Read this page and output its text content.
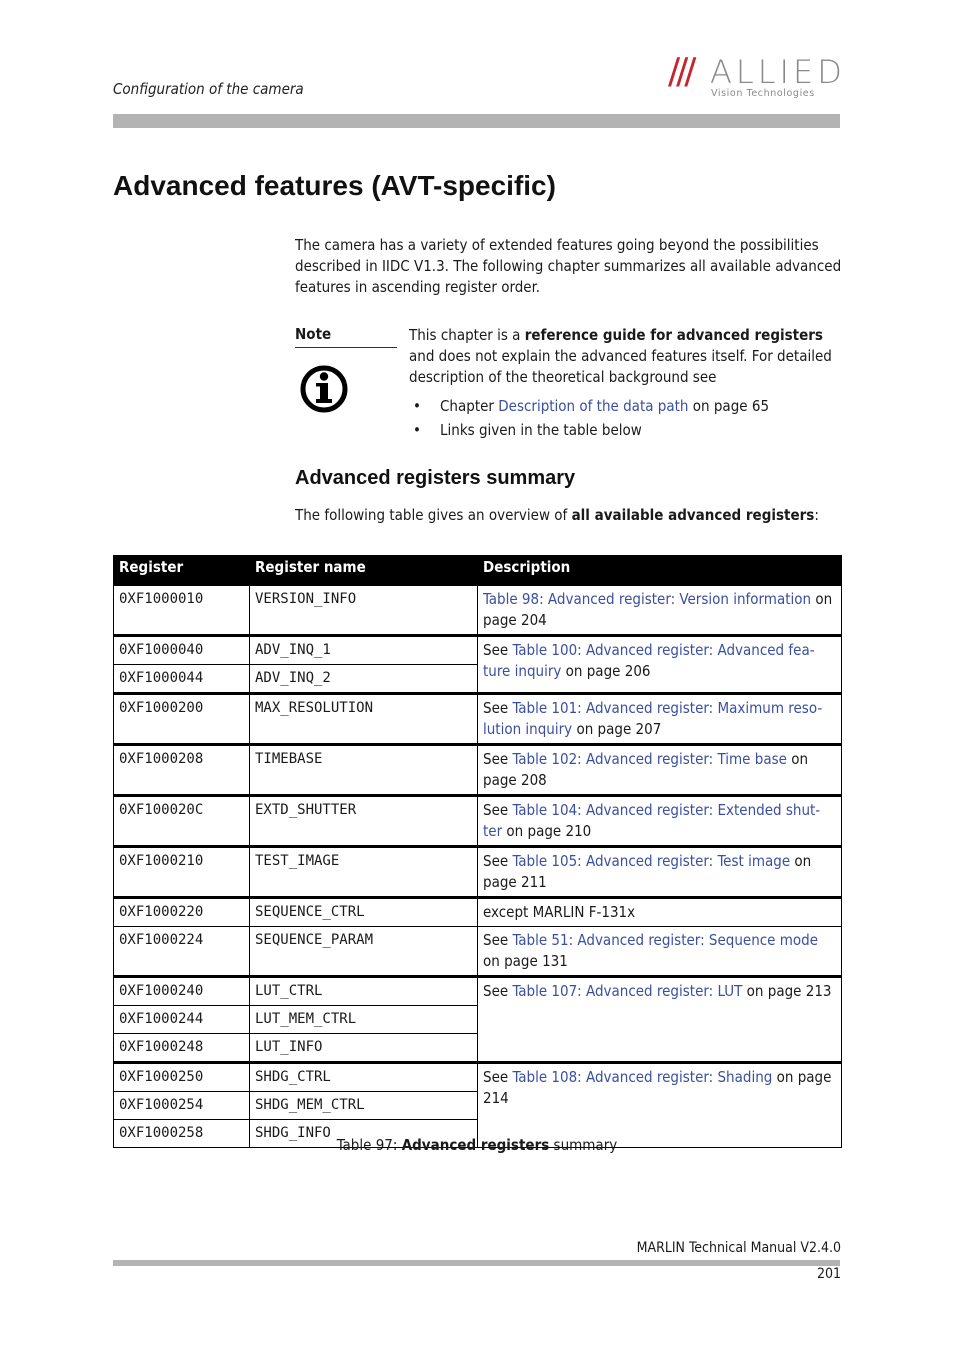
Configuration of the camera	/// ALLIED
Vision Technologies
Advanced features (AVT-specific)

The camera has a variety of extended features going beyond the possibilities described in IIDC V1.3. The following chapter summarizes all available advanced features in ascending register order.

Note	This chapter is a reference guide for advanced registers and does not explain the advanced features itself. For detailed description of the theoretical background see

• Chapter Description of the data path on page 65
• Links given in the table below
Advanced registers summary

The following table gives an overview of all available advanced registers:

Register	Register name	Description
0XF1000010	VERSION_INFO	Table 98: Advanced register: Version information on page 204
0XF1000040	ADV_INQ_1	See Table 100: Advanced register: Advanced fea-ture inquiry on page 206
0XF1000044	ADV_INQ_2	
0XF1000200	MAX_RESOLUTION	See Table 101: Advanced register: Maximum reso-lution inquiry on page 207
0XF1000208	TIMEBASE	See Table 102: Advanced register: Time base on page 208
0XF100020C	EXTD_SHUTTER	See Table 104: Advanced register: Extended shut-ter on page 210
0XF1000210	TEST_IMAGE	See Table 105: Advanced register: Test image on page 211
0XF1000220	SEQUENCE_CTRL	except MARLIN F-131x
0XF1000224	SEQUENCE_PARAM	See Table 51: Advanced register: Sequence mode on page 131
0XF1000240	LUT_CTRL	See Table 107: Advanced register: LUT on page 213
0XF1000244	LUT_MEM_CTRL	
0XF1000248	LUT_INFO	
0XF1000250	SHDG_CTRL	See Table 108: Advanced register: Shading on page 214
0XF1000254	SHDG_MEM_CTRL	
0XF1000258	SHDG_INFO	
Table 97: Advanced registers summary
MARLIN Technical Manual V2.4.0
201
